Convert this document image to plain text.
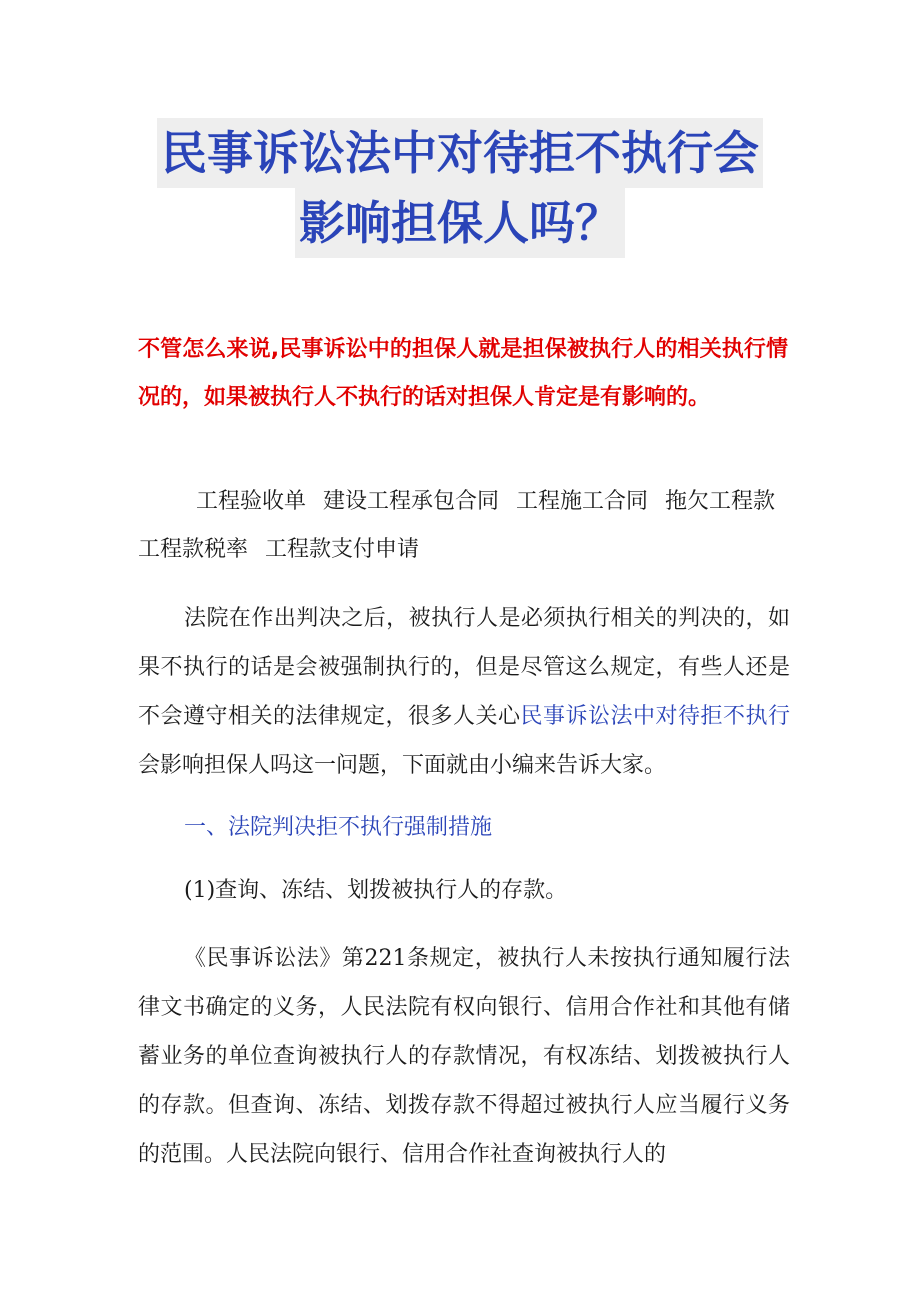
民事诉讼法中对待拒不执行会
影响担保人吗？

不管怎么来说,民事诉讼中的担保人就是担保被执行人的相关执行情况的，如果被执行人不执行的话对担保人肯定是有影响的。

工程验收单 建设工程承包合同 工程施工合同 拖欠工程款 工程款税率 工程款支付申请

法院在作出判决之后，被执行人是必须执行相关的判决的，如果不执行的话是会被强制执行的，但是尽管这么规定，有些人还是不会遵守相关的法律规定，很多人关心民事诉讼法中对待拒不执行会影响担保人吗这一问题，下面就由小编来告诉大家。

一、法院判决拒不执行强制措施

(1)查询、冻结、划拨被执行人的存款。

《民事诉讼法》第221条规定，被执行人未按执行通知履行法律文书确定的义务，人民法院有权向银行、信用合作社和其他有储蓄业务的单位查询被执行人的存款情况，有权冻结、划拨被执行人的存款。但查询、冻结、划拨存款不得超过被执行人应当履行义务的范围。人民法院向银行、信用合作社查询被执行人的
